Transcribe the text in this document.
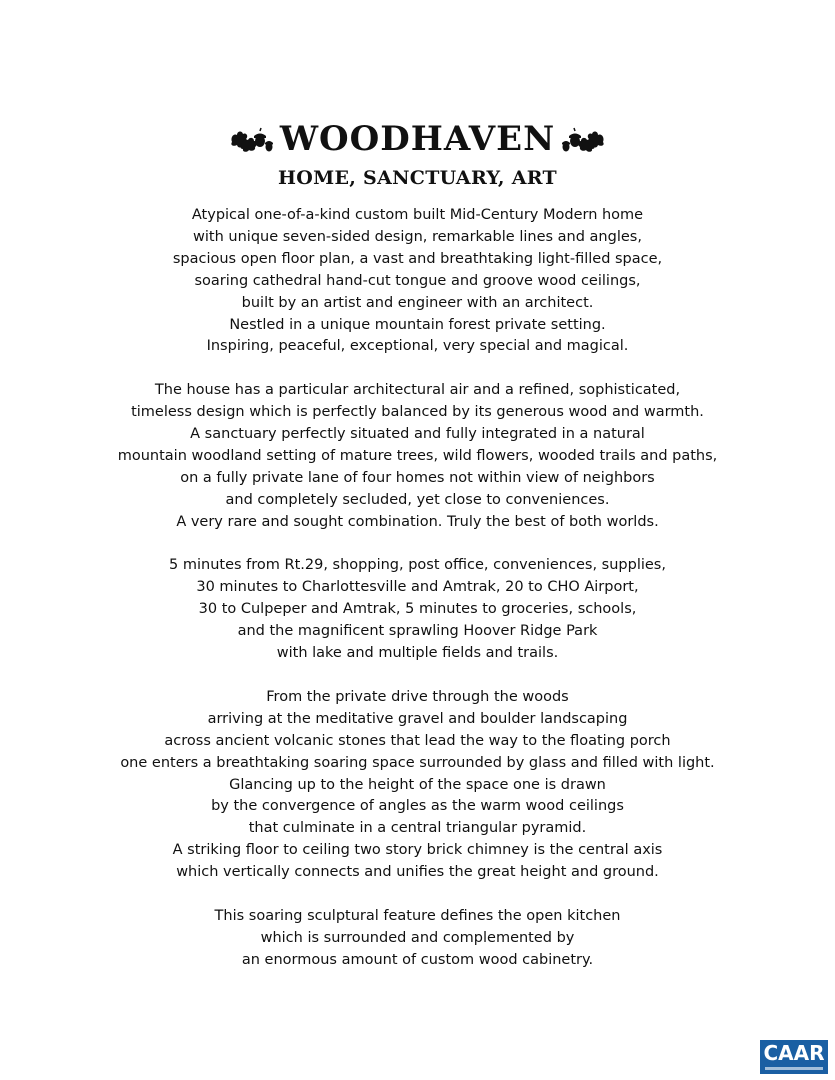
WOODHAVEN
HOME, SANCTUARY, ART

Atypical one-of-a-kind custom built Mid-Century Modern home
with unique seven-sided design, remarkable lines and angles,
spacious open floor plan, a vast and breathtaking light-filled space,
soaring cathedral hand-cut tongue and groove wood ceilings,
built by an artist and engineer with an architect.
Nestled in a unique mountain forest private setting.
Inspiring, peaceful, exceptional, very special and magical.

The house has a particular architectural air and a refined, sophisticated,
timeless design which is perfectly balanced by its generous wood and warmth.
A sanctuary perfectly situated and fully integrated in a natural
mountain woodland setting of mature trees, wild flowers, wooded trails and paths,
on a fully private lane of four homes not within view of neighbors
and completely secluded, yet close to conveniences.
A very rare and sought combination. Truly the best of both worlds.

5 minutes from Rt.29, shopping, post office, conveniences, supplies,
30 minutes to Charlottesville and Amtrak, 20 to CHO Airport,
30 to Culpeper and Amtrak, 5 minutes to groceries, schools,
and the magnificent sprawling Hoover Ridge Park
with lake and multiple fields and trails.

From the private drive through the woods
arriving at the meditative gravel and boulder landscaping
across ancient volcanic stones that lead the way to the floating porch
one enters a breathtaking soaring space surrounded by glass and filled with light.
Glancing up to the height of the space one is drawn
by the convergence of angles as the warm wood ceilings
that culminate in a central triangular pyramid.
A striking floor to ceiling two story brick chimney is the central axis
which vertically connects and unifies the great height and ground.

This soaring sculptural feature defines the open kitchen
which is surrounded and complemented by
an enormous amount of custom wood cabinetry.

CAAR
